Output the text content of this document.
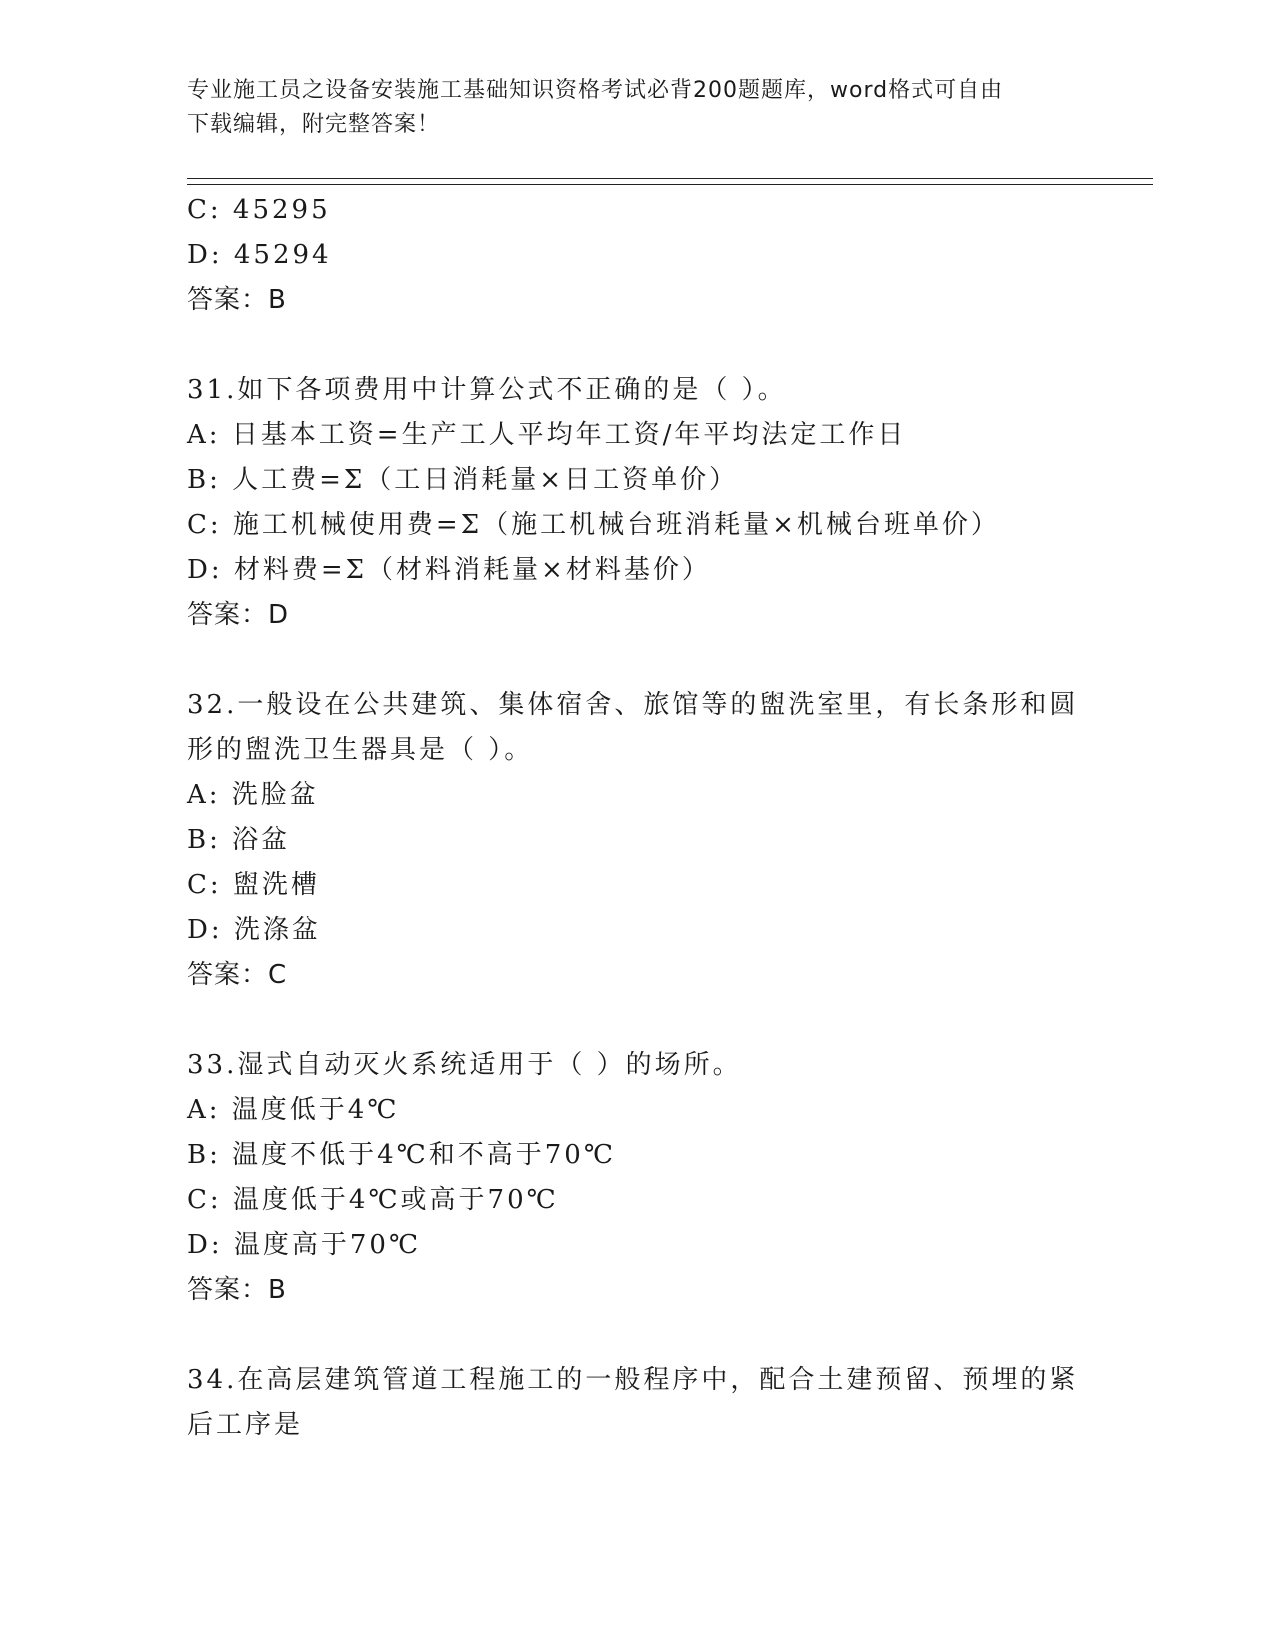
专业施工员之设备安装施工基础知识资格考试必背200题题库，word格式可自由
下载编辑，附完整答案！
C: 45295
D: 45294
答案：B
31.如下各项费用中计算公式不正确的是（ ）。
A: 日基本工资=生产工人平均年工资/年平均法定工作日
B: 人工费=Σ（工日消耗量×日工资单价）
C: 施工机械使用费=Σ（施工机械台班消耗量×机械台班单价）
D: 材料费=Σ（材料消耗量×材料基价）
答案：D
32.一般设在公共建筑、集体宿舍、旅馆等的盥洗室里，有长条形和圆
形的盥洗卫生器具是（ ）。
A: 洗脸盆
B: 浴盆
C: 盥洗槽
D: 洗涤盆
答案：C
33.湿式自动灭火系统适用于（ ）的场所。
A: 温度低于4℃
B: 温度不低于4℃和不高于70℃
C: 温度低于4℃或高于70℃
D: 温度高于70℃
答案：B
34.在高层建筑管道工程施工的一般程序中，配合土建预留、预埋的紧
后工序是
